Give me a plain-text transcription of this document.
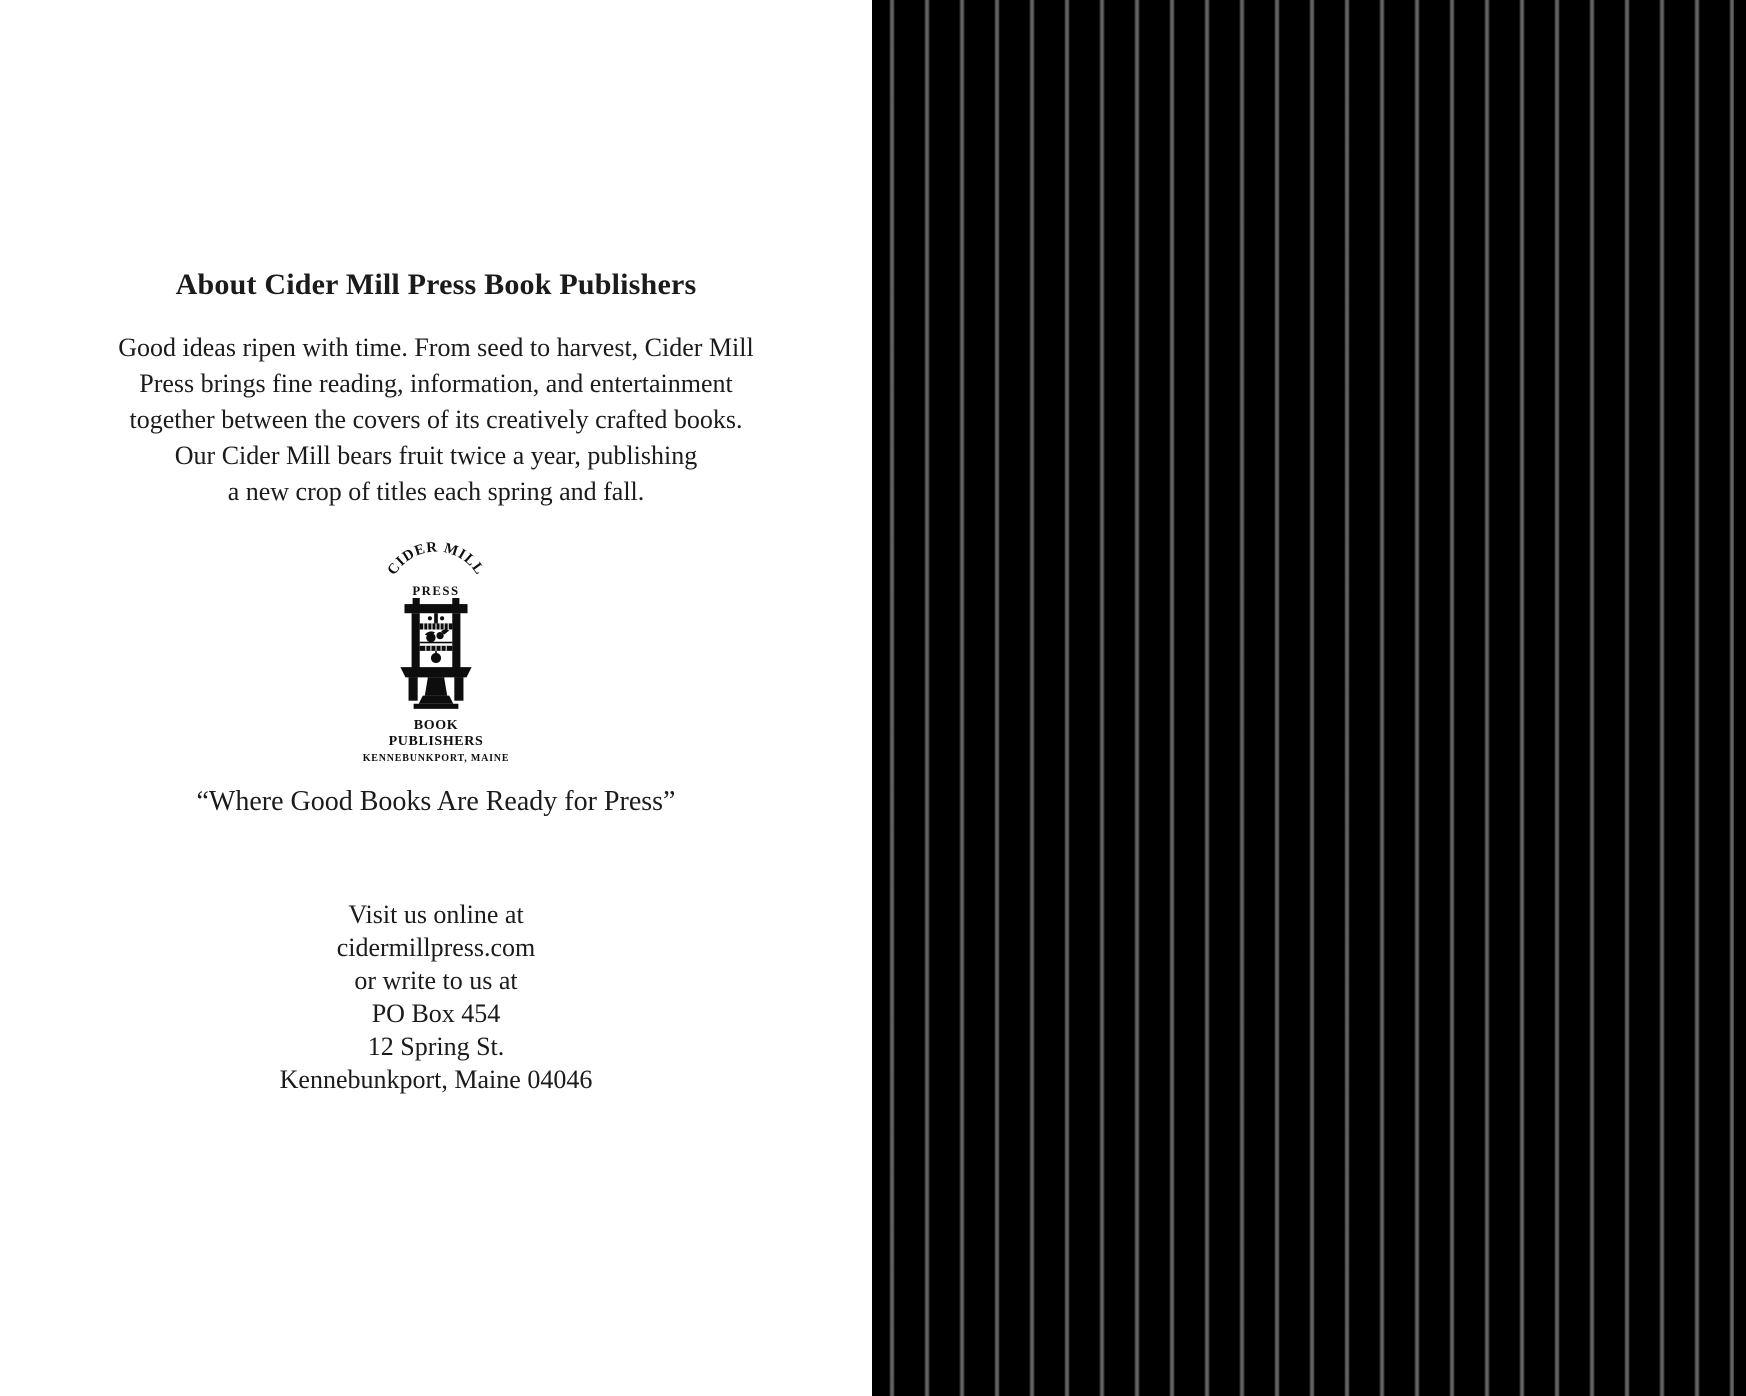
About Cider Mill Press Book Publishers
Good ideas ripen with time. From seed to harvest, Cider Mill
Press brings fine reading, information, and entertainment
together between the covers of its creatively crafted books.
Our Cider Mill bears fruit twice a year, publishing
a new crop of titles each spring and fall.
CIDER MILL
PRESS
BOOK
PUBLISHERS
KENNEBUNKPORT, MAINE
“Where Good Books Are Ready for Press”
Visit us online at
cidermillpress.com
or write to us at
PO Box 454
12 Spring St.
Kennebunkport, Maine 04046
